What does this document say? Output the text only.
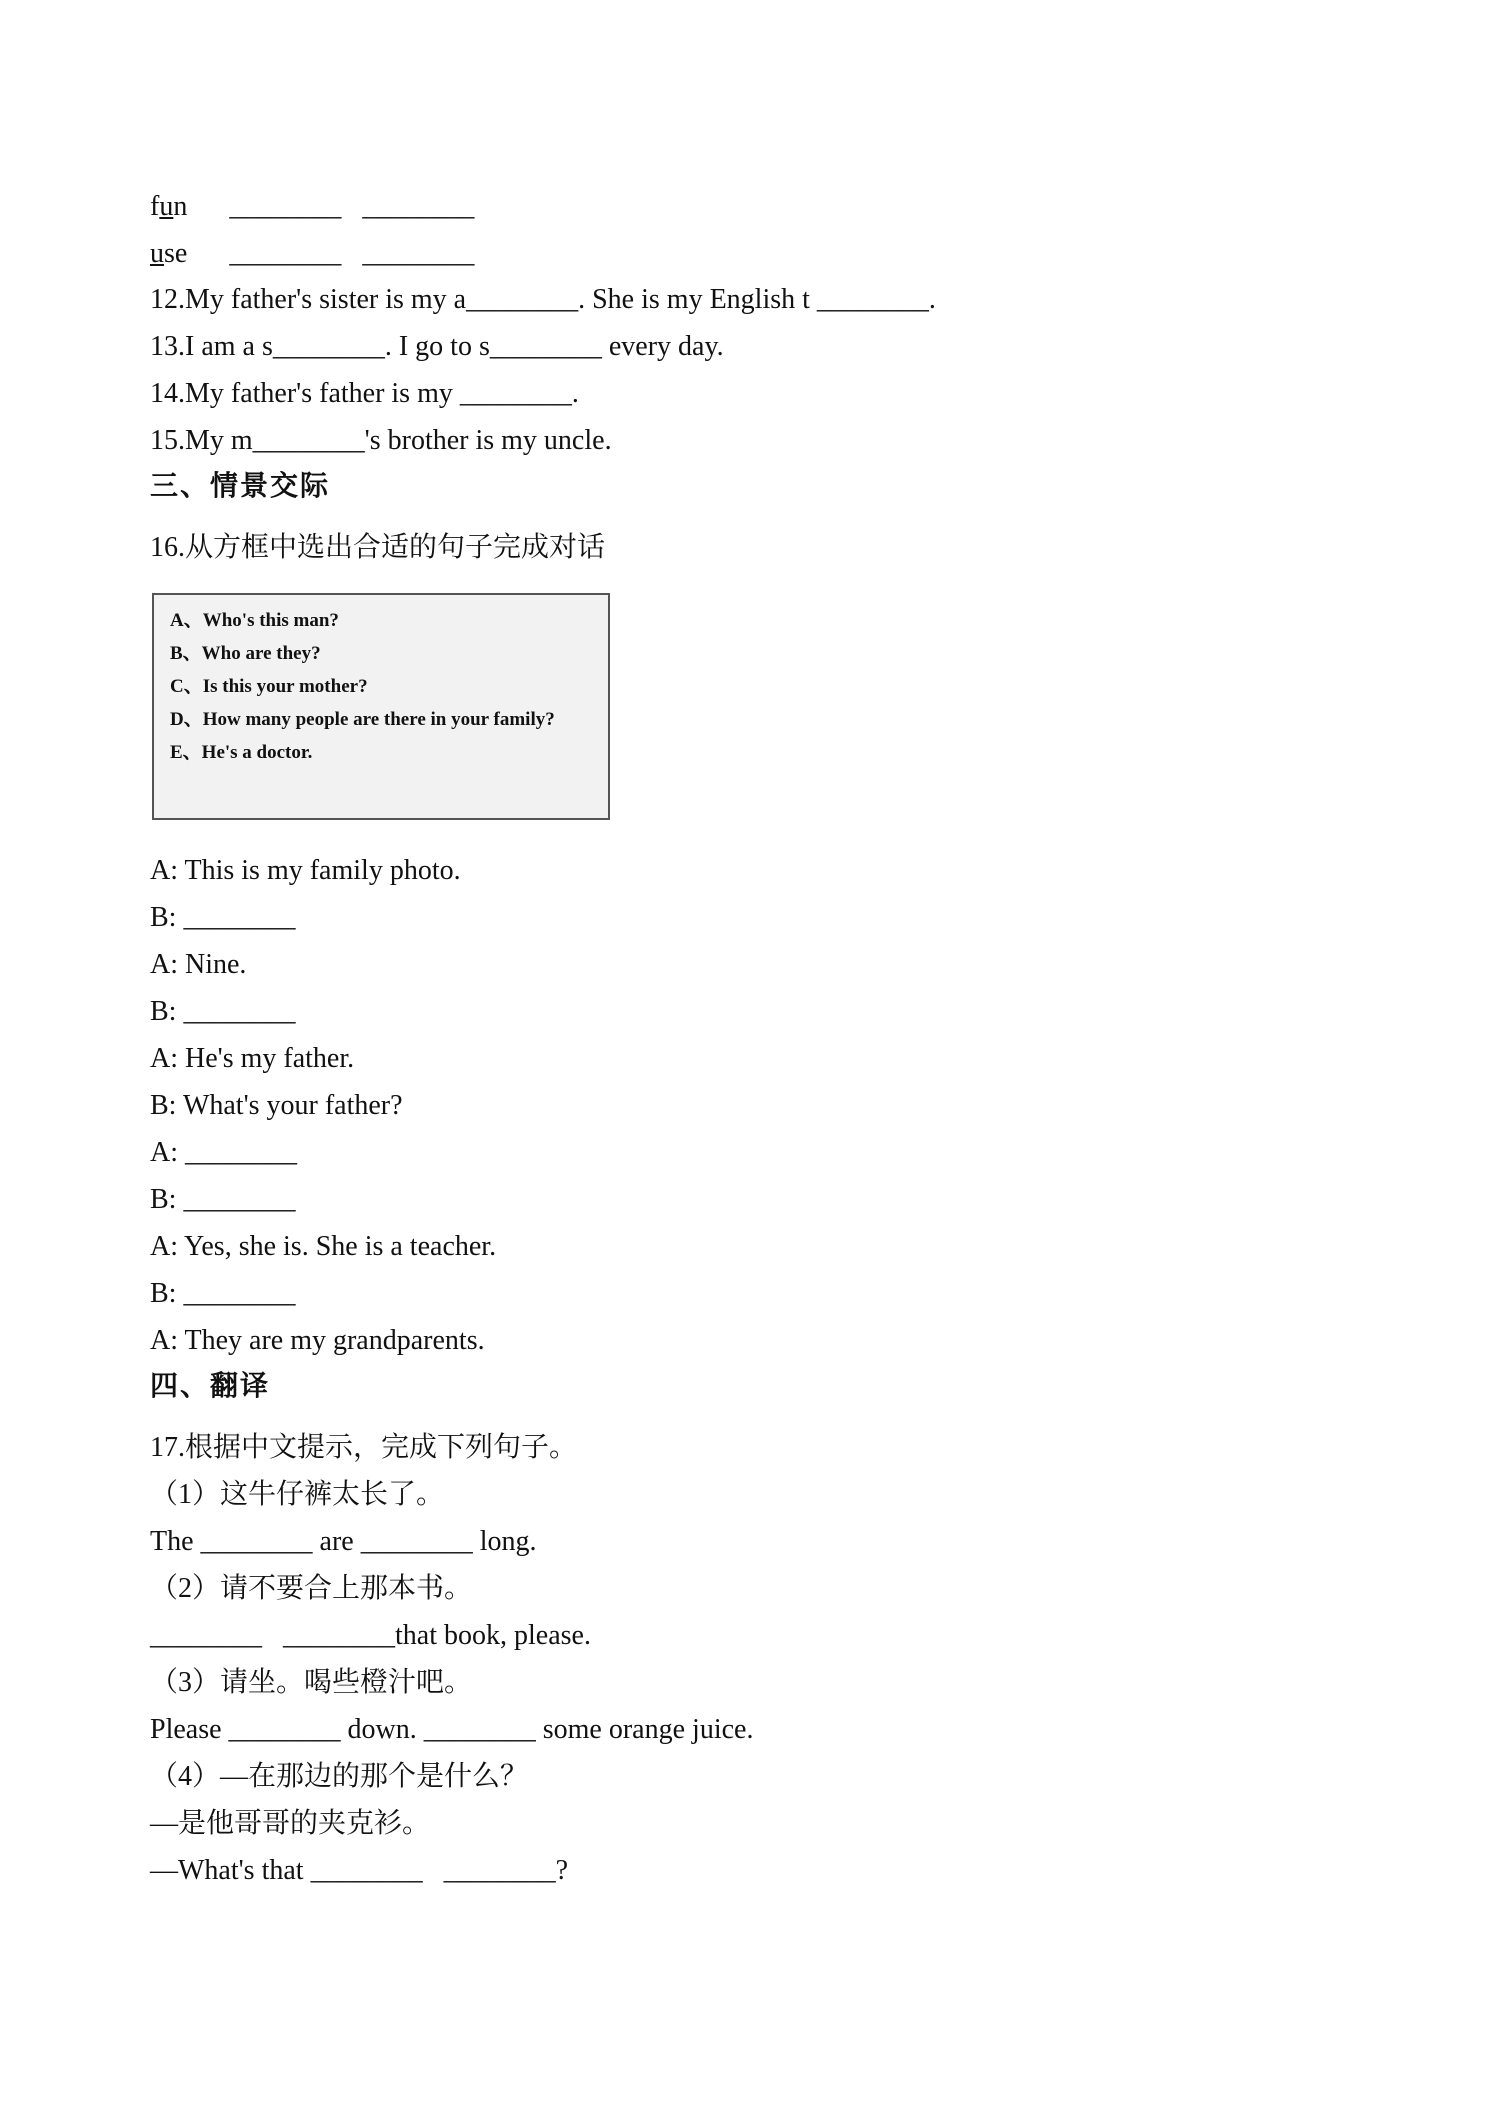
fun      ________   ________
use      ________   ________
12.My father's sister is my a________. She is my English t ________.
13.I am a s________. I go to s________ every day.
14.My father's father is my ________.
15.My m________'s brother is my uncle.
三、情景交际
16.从方框中选出合适的句子完成对话
A、Who's this man?
B、Who are they?
C、Is this your mother?
D、How many people are there in your family?
E、He's a doctor.
A: This is my family photo.
B: ________
A: Nine.
B: ________
A: He's my father.
B: What's your father?
A: ________
B: ________
A: Yes, she is. She is a teacher.
B: ________
A: They are my grandparents.
四、翻译
17.根据中文提示，完成下列句子。
（1）这牛仔裤太长了。
The ________ are ________ long.
（2）请不要合上那本书。
________   ________that book, please.
（3）请坐。喝些橙汁吧。
Please ________ down. ________ some orange juice.
（4）—在那边的那个是什么？
—是他哥哥的夹克衫。
—What's that ________   ________?
